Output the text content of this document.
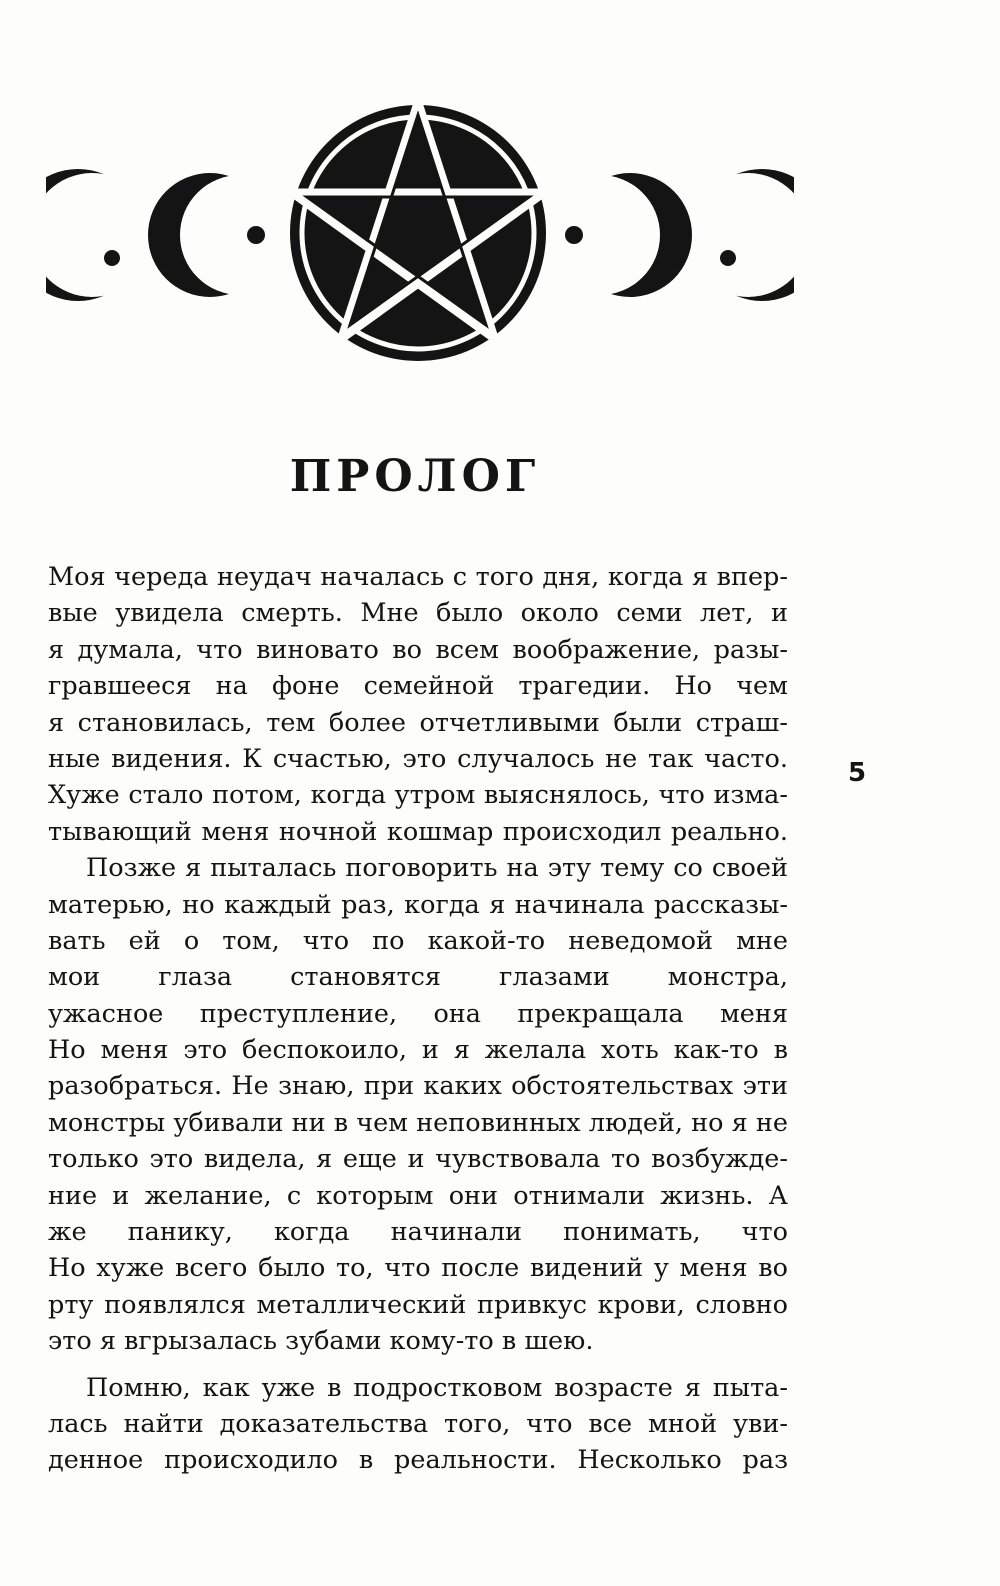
ПРОЛОГ

Моя череда неудач началась с того дня, когда я впер-
вые увидела смерть. Мне было около семи лет, и
я думала, что виновато во всем воображение, разы-
гравшееся на фоне семейной трагедии. Но чем
я становилась, тем более отчетливыми были страш-
ные видения. К счастью, это случалось не так часто.
Хуже стало потом, когда утром выяснялось, что изма-
тывающий меня ночной кошмар происходил реально.

Позже я пыталась поговорить на эту тему со своей
матерью, но каждый раз, когда я начинала рассказы-
вать ей о том, что по какой-то неведомой мне
мои глаза становятся глазами монстра,
ужасное преступление, она прекращала меня
Но меня это беспокоило, и я желала хоть как-то в
разобраться. Не знаю, при каких обстоятельствах эти
монстры убивали ни в чем неповинных людей, но я не
только это видела, я еще и чувствовала то возбужде-
ние и желание, с которым они отнимали жизнь. А
же панику, когда начинали понимать, что
Но хуже всего было то, что после видений у меня во
рту появлялся металлический привкус крови, словно
это я вгрызалась зубами кому-то в шею.

Помню, как уже в подростковом возрасте я пыта-
лась найти доказательства того, что все мной уви-
денное происходило в реальности. Несколько раз

5
